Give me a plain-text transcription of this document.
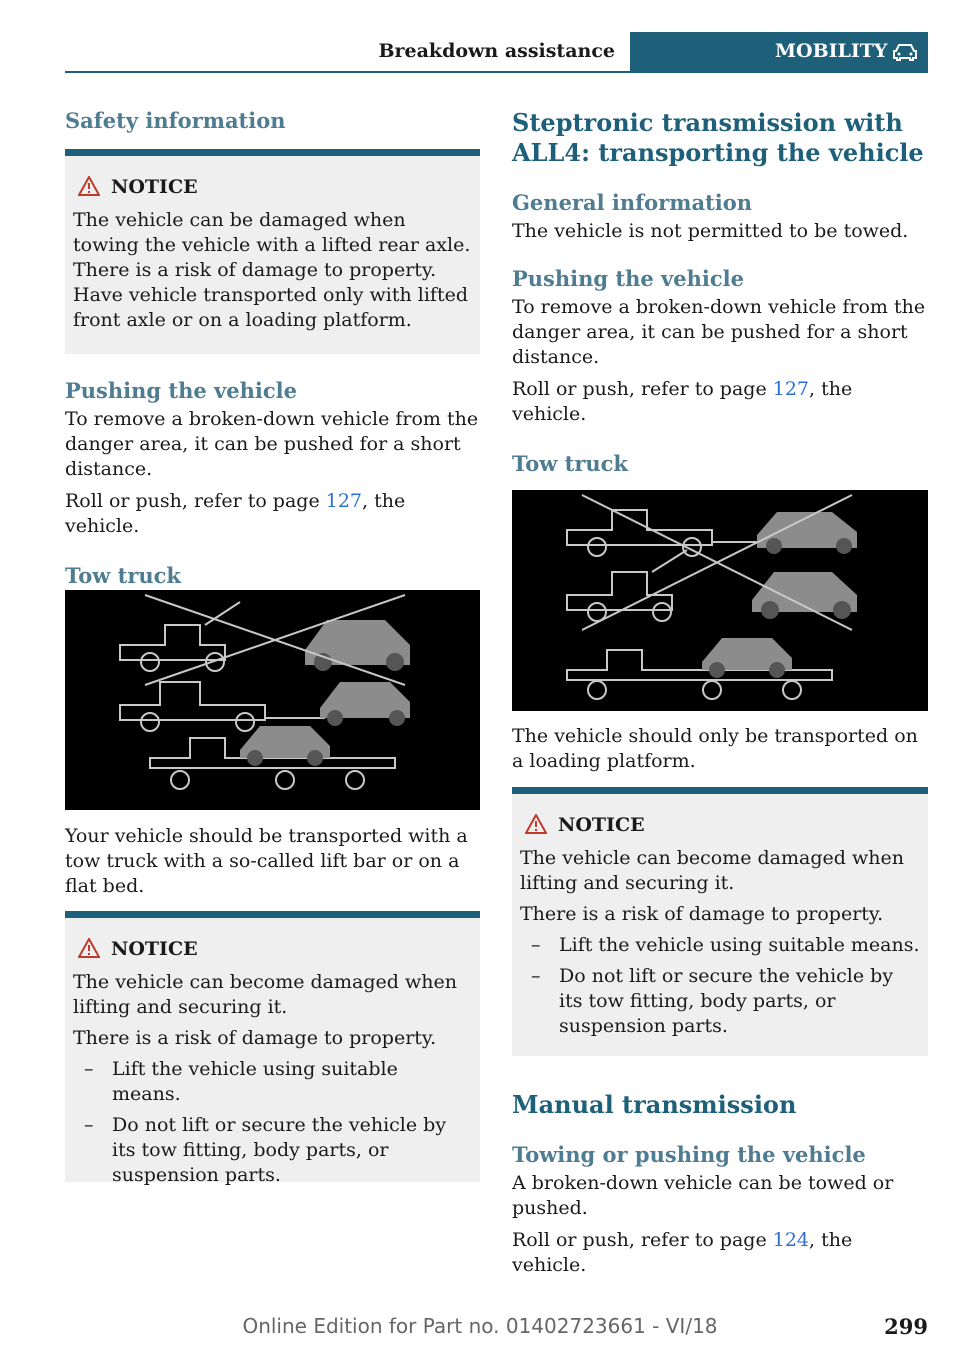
Breakdown assistance	MOBILITY
Safety information
NOTICE

The vehicle can be damaged when towing the vehicle with a lifted rear axle. There is a risk of damage to property. Have vehicle transported only with lifted front axle or on a loading platform.

Pushing the vehicle

To remove a broken-down vehicle from the danger area, it can be pushed for a short distance.

Roll or push, refer to page 127, the vehicle.

Tow truck

Your vehicle should be transported with a tow truck with a so-called lift bar or on a flat bed.

NOTICE

The vehicle can become damaged when lifting and securing it.

There is a risk of damage to property.

– Lift the vehicle using suitable means.

– Do not lift or secure the vehicle by its tow fitting, body parts, or suspension parts.

Steptronic transmission with ALL4: transporting the vehicle
General information

The vehicle is not permitted to be towed.

Pushing the vehicle

To remove a broken-down vehicle from the danger area, it can be pushed for a short distance.

Roll or push, refer to page 127, the vehicle.

Tow truck

The vehicle should only be transported on a loading platform.

NOTICE

The vehicle can become damaged when lifting and securing it.

There is a risk of damage to property.

– Lift the vehicle using suitable means.

– Do not lift or secure the vehicle by its tow fitting, body parts, or suspension parts.

Manual transmission
Towing or pushing the vehicle

A broken-down vehicle can be towed or pushed.

Roll or push, refer to page 124, the vehicle.

Online Edition for Part no. 01402723661 - VI/18	299
